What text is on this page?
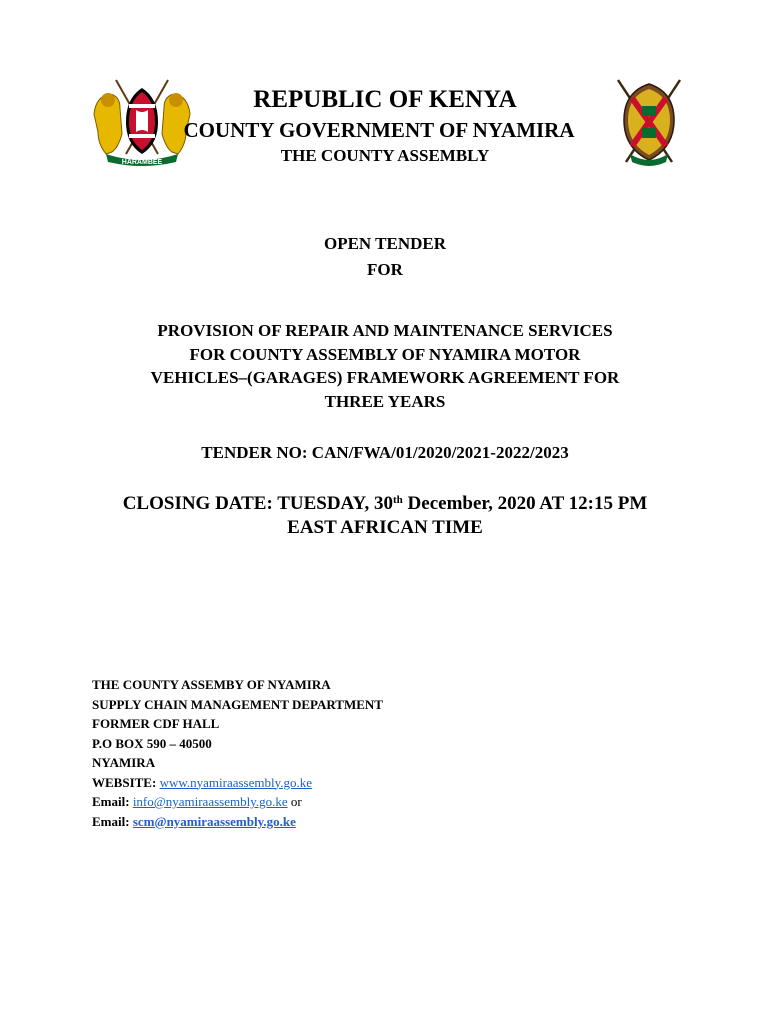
HARAMBEE
REPUBLIC OF KENYA
COUNTY GOVERNMENT OF NYAMIRA
THE COUNTY ASSEMBLY
OPEN TENDER
FOR
PROVISION OF REPAIR AND MAINTENANCE SERVICES
FOR COUNTY ASSEMBLY OF NYAMIRA MOTOR
VEHICLES–(GARAGES) FRAMEWORK AGREEMENT FOR
THREE YEARS
TENDER NO: CAN/FWA/01/2020/2021-2022/2023
CLOSING DATE: TUESDAY, 30th December, 2020 AT 12:15 PM
EAST AFRICAN TIME
THE COUNTY ASSEMBY OF NYAMIRA
SUPPLY CHAIN MANAGEMENT DEPARTMENT
FORMER CDF HALL
P.O BOX 590 – 40500
NYAMIRA
WEBSITE: www.nyamiraassembly.go.ke
Email: info@nyamiraassembly.go.ke or
Email: scm@nyamiraassembly.go.ke
